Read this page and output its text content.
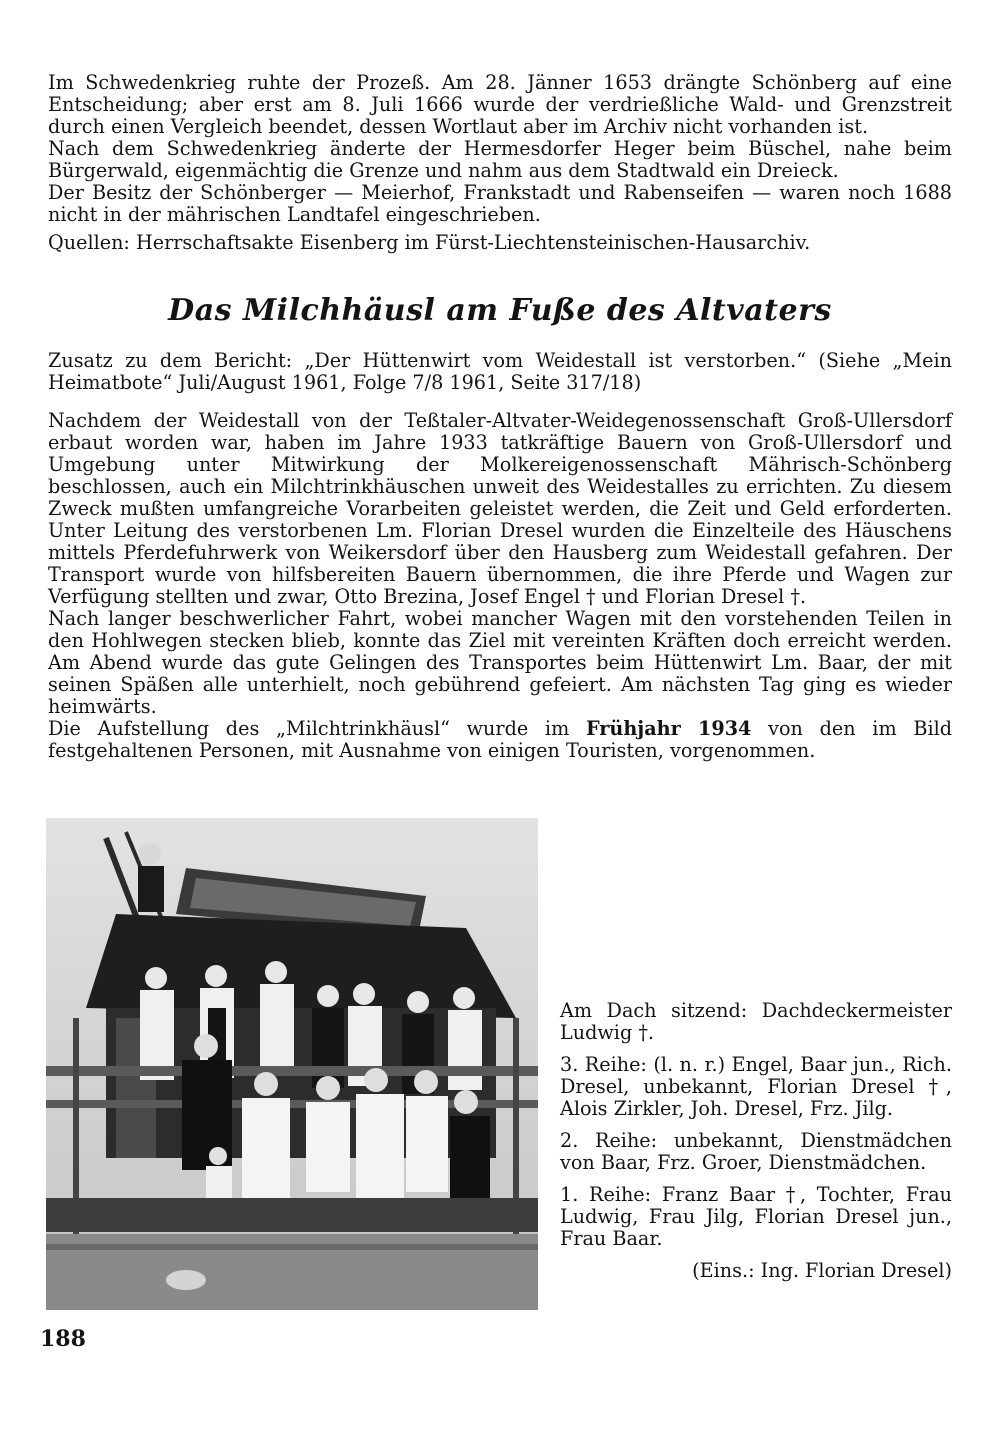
Im Schwedenkrieg ruhte der Prozeß. Am 28. Jänner 1653 drängte Schönberg auf eine Entscheidung; aber erst am 8. Juli 1666 wurde der verdrießliche Wald- und Grenzstreit durch einen Vergleich beendet, dessen Wortlaut aber im Archiv nicht vorhanden ist.

Nach dem Schwedenkrieg änderte der Hermesdorfer Heger beim Büschel, nahe beim Bürgerwald, eigenmächtig die Grenze und nahm aus dem Stadtwald ein Dreieck.

Der Besitz der Schönberger — Meierhof, Frankstadt und Rabenseifen — waren noch 1688 nicht in der mährischen Landtafel eingeschrieben.

Quellen: Herrschaftsakte Eisenberg im Fürst-Liechtensteinischen-Hausarchiv.

Das Milchhäusl am Fuße des Altvaters

Zusatz zu dem Bericht: „Der Hüttenwirt vom Weidestall ist verstorben.“ (Siehe „Mein Heimatbote“ Juli/August 1961, Folge 7/8 1961, Seite 317/18)

Nachdem der Weidestall von der Teßtaler-Altvater-Weidegenossenschaft Groß-Ullersdorf erbaut worden war, haben im Jahre 1933 tatkräftige Bauern von Groß-Ullersdorf und Umgebung unter Mitwirkung der Molkereigenossenschaft Mährisch-Schönberg beschlossen, auch ein Milchtrinkhäuschen unweit des Weidestalles zu errichten. Zu diesem Zweck mußten umfangreiche Vorarbeiten geleistet werden, die Zeit und Geld erforderten. Unter Leitung des verstorbenen Lm. Florian Dresel wurden die Einzelteile des Häuschens mittels Pferdefuhrwerk von Weikersdorf über den Hausberg zum Weidestall gefahren. Der Transport wurde von hilfsbereiten Bauern übernommen, die ihre Pferde und Wagen zur Verfügung stellten und zwar, Otto Brezina, Josef Engel † und Florian Dresel †.

Nach langer beschwerlicher Fahrt, wobei mancher Wagen mit den vorstehenden Teilen in den Hohlwegen stecken blieb, konnte das Ziel mit vereinten Kräften doch erreicht werden. Am Abend wurde das gute Gelingen des Transportes beim Hüttenwirt Lm. Baar, der mit seinen Späßen alle unterhielt, noch gebührend gefeiert. Am nächsten Tag ging es wieder heimwärts.

Die Aufstellung des „Milchtrinkhäusl“ wurde im Frühjahr 1934 von den im Bild festgehaltenen Personen, mit Ausnahme von einigen Touristen, vorgenommen.

Am Dach sitzend: Dachdeckermeister Ludwig †.

3. Reihe: (l. n. r.) Engel, Baar jun., Rich. Dresel, unbekannt, Florian Dresel †, Alois Zirkler, Joh. Dresel, Frz. Jilg.

2. Reihe: unbekannt, Dienstmädchen von Baar, Frz. Groer, Dienstmädchen.

1. Reihe: Franz Baar †, Tochter, Frau Ludwig, Frau Jilg, Florian Dresel jun., Frau Baar.

(Eins.: Ing. Florian Dresel)

188
